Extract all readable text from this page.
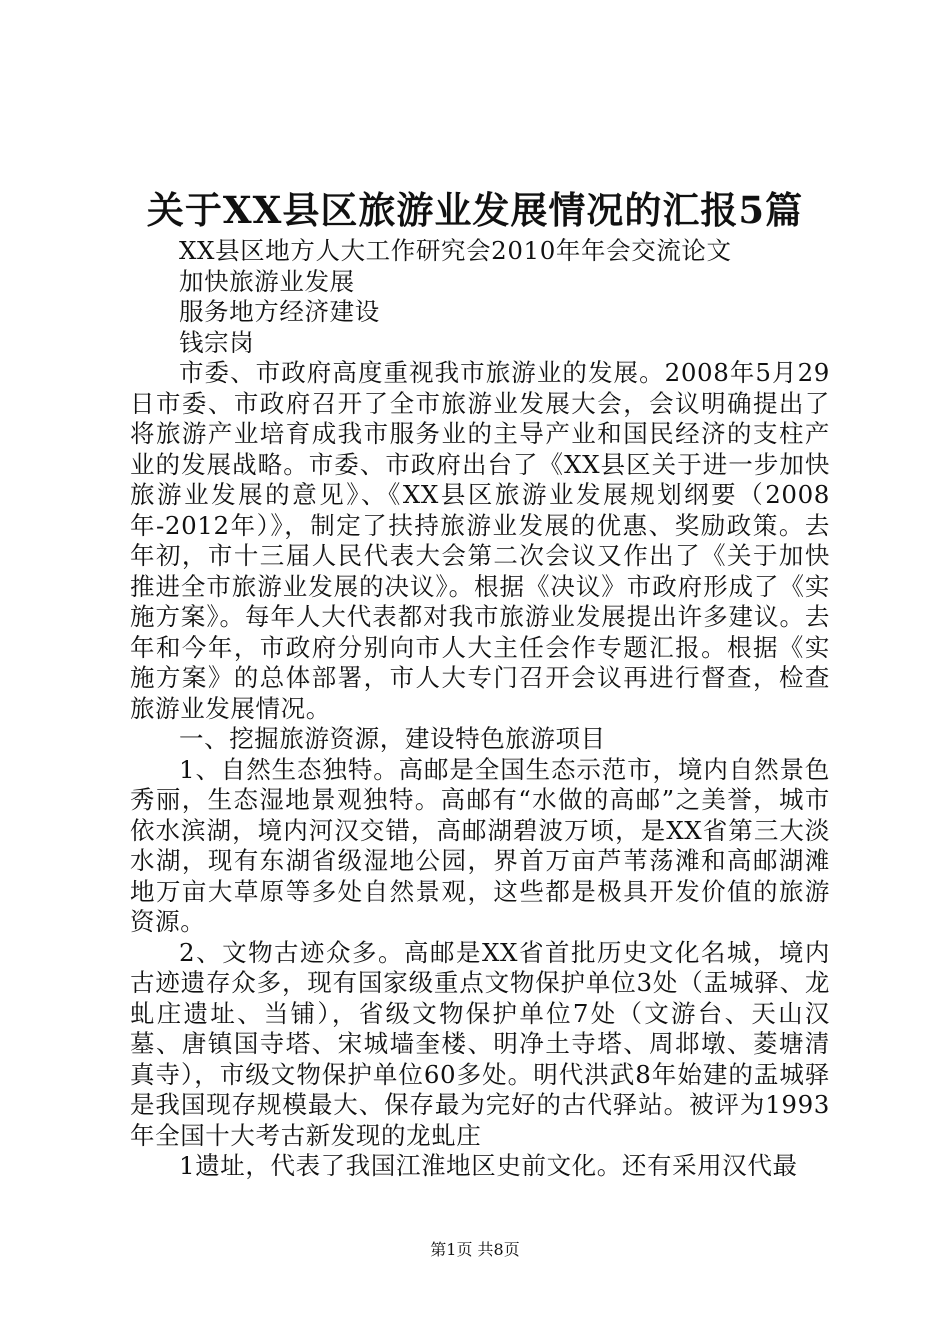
关于XX县区旅游业发展情况的汇报5篇

XX县区地方人大工作研究会2010年年会交流论文

加快旅游业发展

服务地方经济建设

钱宗岗

市委、市政府高度重视我市旅游业的发展。2008年5月29日市委、市政府召开了全市旅游业发展大会，会议明确提出了将旅游产业培育成我市服务业的主导产业和国民经济的支柱产业的发展战略。市委、市政府出台了《XX县区关于进一步加快旅游业发展的意见》、《XX县区旅游业发展规划纲要（2008年-2012年）》，制定了扶持旅游业发展的优惠、奖励政策。去年初，市十三届人民代表大会第二次会议又作出了《关于加快推进全市旅游业发展的决议》。根据《决议》市政府形成了《实施方案》。每年人大代表都对我市旅游业发展提出许多建议。去年和今年，市政府分别向市人大主任会作专题汇报。根据《实施方案》的总体部署，市人大专门召开会议再进行督查，检查旅游业发展情况。

一、挖掘旅游资源，建设特色旅游项目

1、自然生态独特。高邮是全国生态示范市，境内自然景色秀丽，生态湿地景观独特。高邮有“水做的高邮”之美誉，城市依水滨湖，境内河汉交错，高邮湖碧波万顷，是XX省第三大淡水湖，现有东湖省级湿地公园，界首万亩芦苇荡滩和高邮湖滩地万亩大草原等多处自然景观，这些都是极具开发价值的旅游资源。

2、文物古迹众多。高邮是XX省首批历史文化名城，境内古迹遗存众多，现有国家级重点文物保护单位3处（盂城驿、龙虬庄遗址、当铺），省级文物保护单位7处（文游台、天山汉墓、唐镇国寺塔、宋城墙奎楼、明净土寺塔、周邶墩、菱塘清真寺），市级文物保护单位60多处。明代洪武8年始建的盂城驿是我国现存规模最大、保存最为完好的古代驿站。被评为1993年全国十大考古新发现的龙虬庄

1遗址，代表了我国江淮地区史前文化。还有采用汉代最

第1页 共8页
